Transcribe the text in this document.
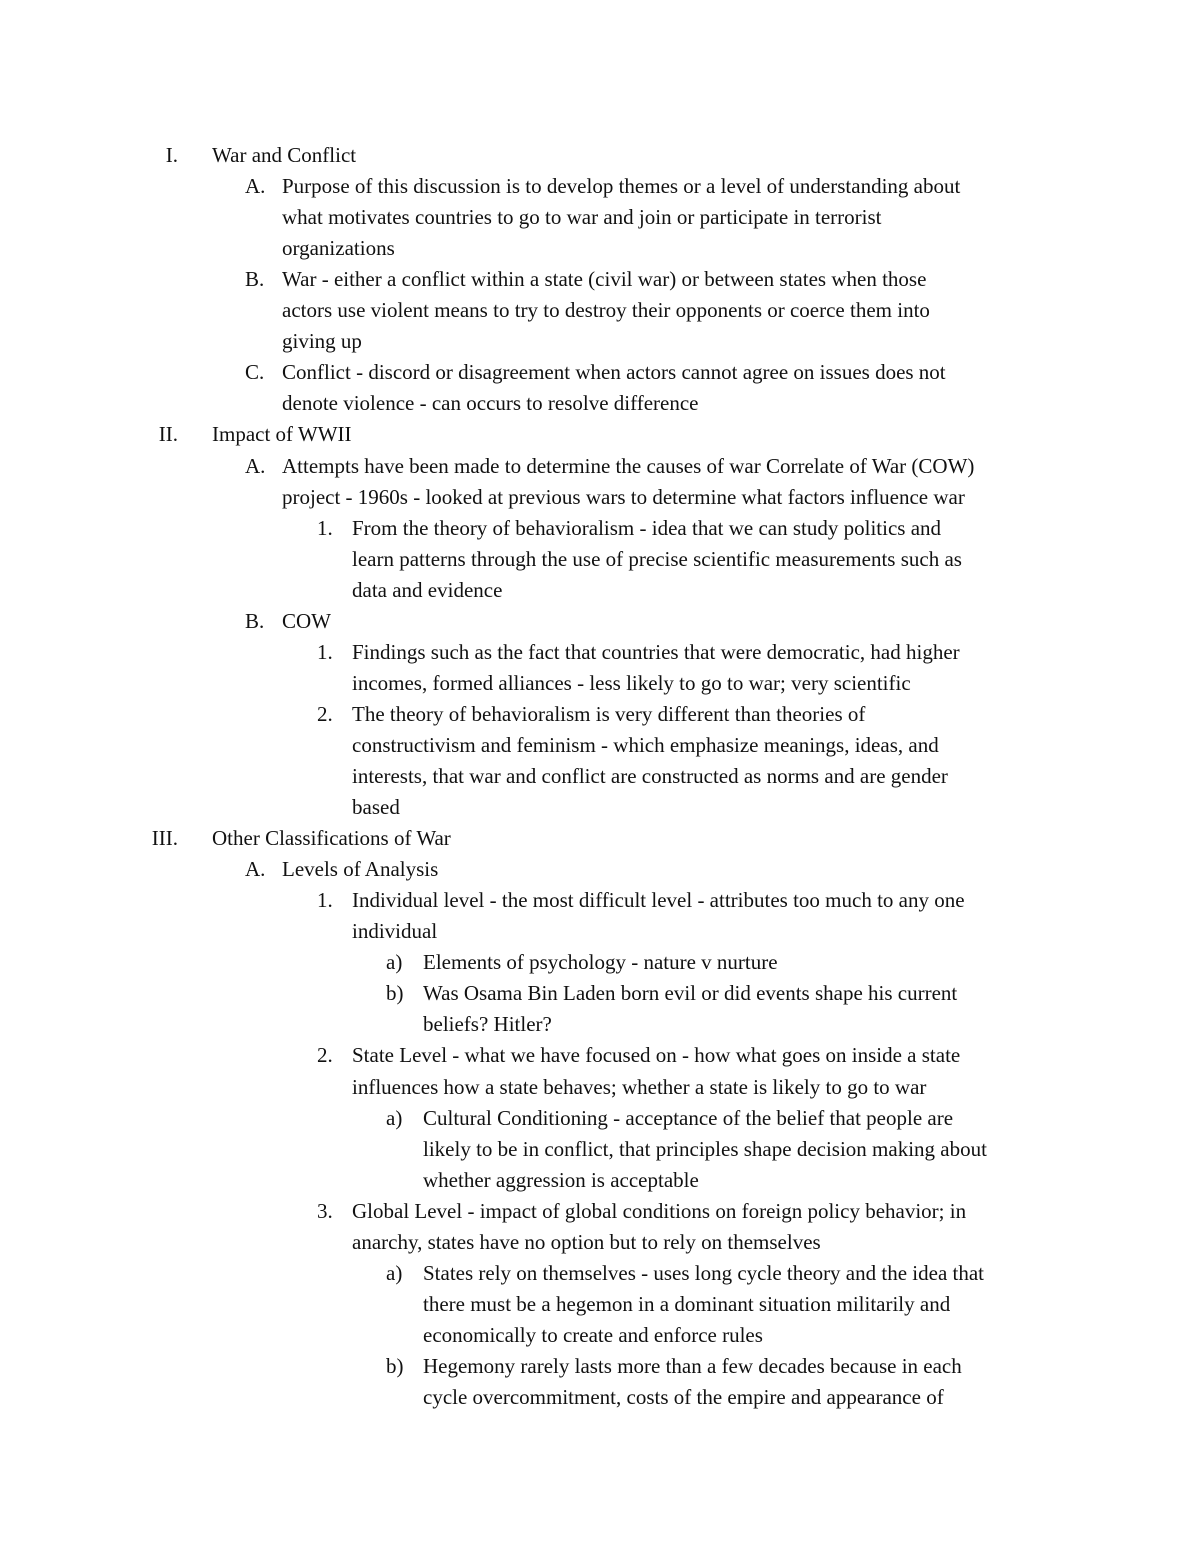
I. War and Conflict
A. Purpose of this discussion is to develop themes or a level of understanding about
what motivates countries to go to war and join or participate in terrorist
organizations
B. War - either a conflict within a state (civil war) or between states when those
actors use violent means to try to destroy their opponents or coerce them into
giving up
C. Conflict - discord or disagreement when actors cannot agree on issues does not
denote violence - can occurs to resolve difference
II. Impact of WWII
A. Attempts have been made to determine the causes of war Correlate of War (COW)
project - 1960s - looked at previous wars to determine what factors influence war
1. From the theory of behavioralism - idea that we can study politics and
learn patterns through the use of precise scientific measurements such as
data and evidence
B. COW
1. Findings such as the fact that countries that were democratic, had higher
incomes, formed alliances - less likely to go to war; very scientific
2. The theory of behavioralism is very different than theories of
constructivism and feminism - which emphasize meanings, ideas, and
interests, that war and conflict are constructed as norms and are gender
based
III. Other Classifications of War
A. Levels of Analysis
1. Individual level - the most difficult level - attributes too much to any one
individual
a) Elements of psychology - nature v nurture
b) Was Osama Bin Laden born evil or did events shape his current
beliefs? Hitler?
2. State Level - what we have focused on - how what goes on inside a state
influences how a state behaves; whether a state is likely to go to war
a) Cultural Conditioning - acceptance of the belief that people are
likely to be in conflict, that principles shape decision making about
whether aggression is acceptable
3. Global Level - impact of global conditions on foreign policy behavior; in
anarchy, states have no option but to rely on themselves
a) States rely on themselves - uses long cycle theory and the idea that
there must be a hegemon in a dominant situation militarily and
economically to create and enforce rules
b) Hegemony rarely lasts more than a few decades because in each
cycle overcommitment, costs of the empire and appearance of
